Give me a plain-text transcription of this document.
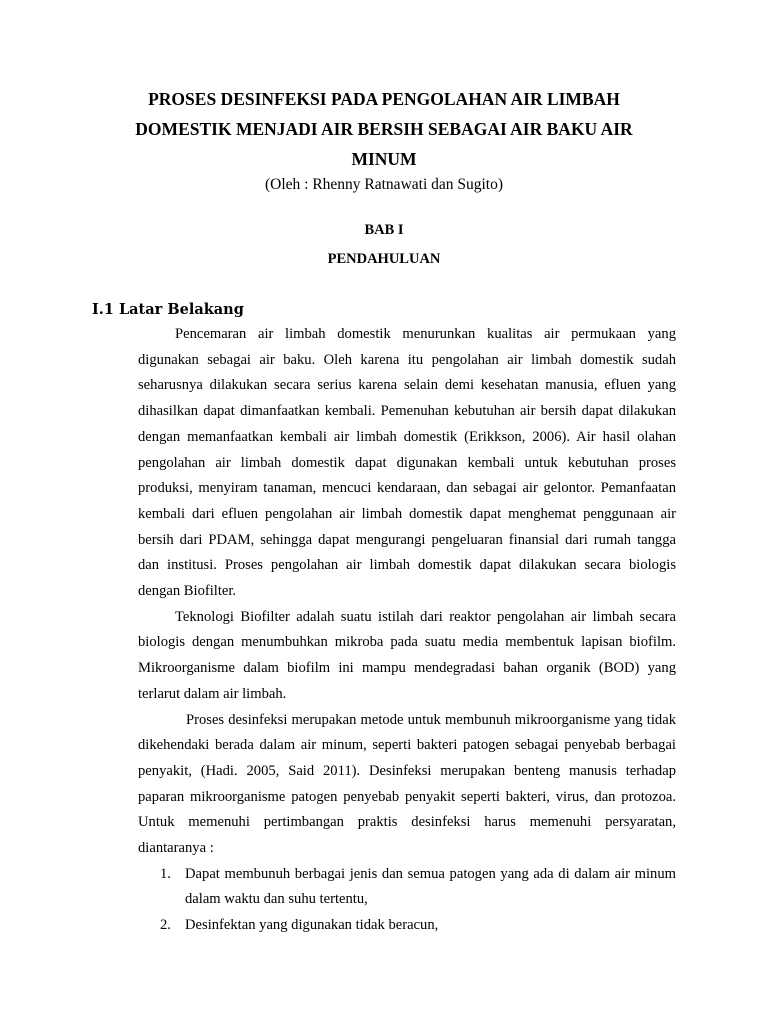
PROSES DESINFEKSI PADA PENGOLAHAN AIR LIMBAH DOMESTIK MENJADI AIR BERSIH SEBAGAI AIR BAKU AIR MINUM

(Oleh : Rhenny Ratnawati dan Sugito)

BAB I

PENDAHULUAN

I.1 Latar Belakang

Pencemaran air limbah domestik menurunkan kualitas air permukaan yang digunakan sebagai air baku. Oleh karena itu pengolahan air limbah domestik sudah seharusnya dilakukan secara serius karena selain demi kesehatan manusia, efluen yang dihasilkan dapat dimanfaatkan kembali. Pemenuhan kebutuhan air bersih dapat dilakukan dengan memanfaatkan kembali air limbah domestik (Erikkson, 2006). Air hasil olahan pengolahan air limbah domestik dapat digunakan kembali untuk kebutuhan proses produksi, menyiram tanaman, mencuci kendaraan, dan sebagai air gelontor. Pemanfaatan kembali dari efluen pengolahan air limbah domestik dapat menghemat penggunaan air bersih dari PDAM, sehingga dapat mengurangi pengeluaran finansial dari rumah tangga dan institusi. Proses pengolahan air limbah domestik dapat dilakukan secara biologis dengan Biofilter.

Teknologi Biofilter adalah suatu istilah dari reaktor pengolahan air limbah secara biologis dengan menumbuhkan mikroba pada suatu media membentuk lapisan biofilm. Mikroorganisme dalam biofilm ini mampu mendegradasi bahan organik (BOD) yang terlarut dalam air limbah.

Proses desinfeksi merupakan metode untuk membunuh mikroorganisme yang tidak dikehendaki berada dalam air minum, seperti bakteri patogen sebagai penyebab berbagai penyakit, (Hadi. 2005, Said 2011). Desinfeksi merupakan benteng manusis terhadap paparan mikroorganisme patogen penyebab penyakit seperti bakteri, virus, dan protozoa. Untuk memenuhi pertimbangan praktis desinfeksi harus memenuhi persyaratan, diantaranya :

1. Dapat membunuh berbagai jenis dan semua patogen yang ada di dalam air minum dalam waktu dan suhu tertentu,
2. Desinfektan yang digunakan tidak beracun,
